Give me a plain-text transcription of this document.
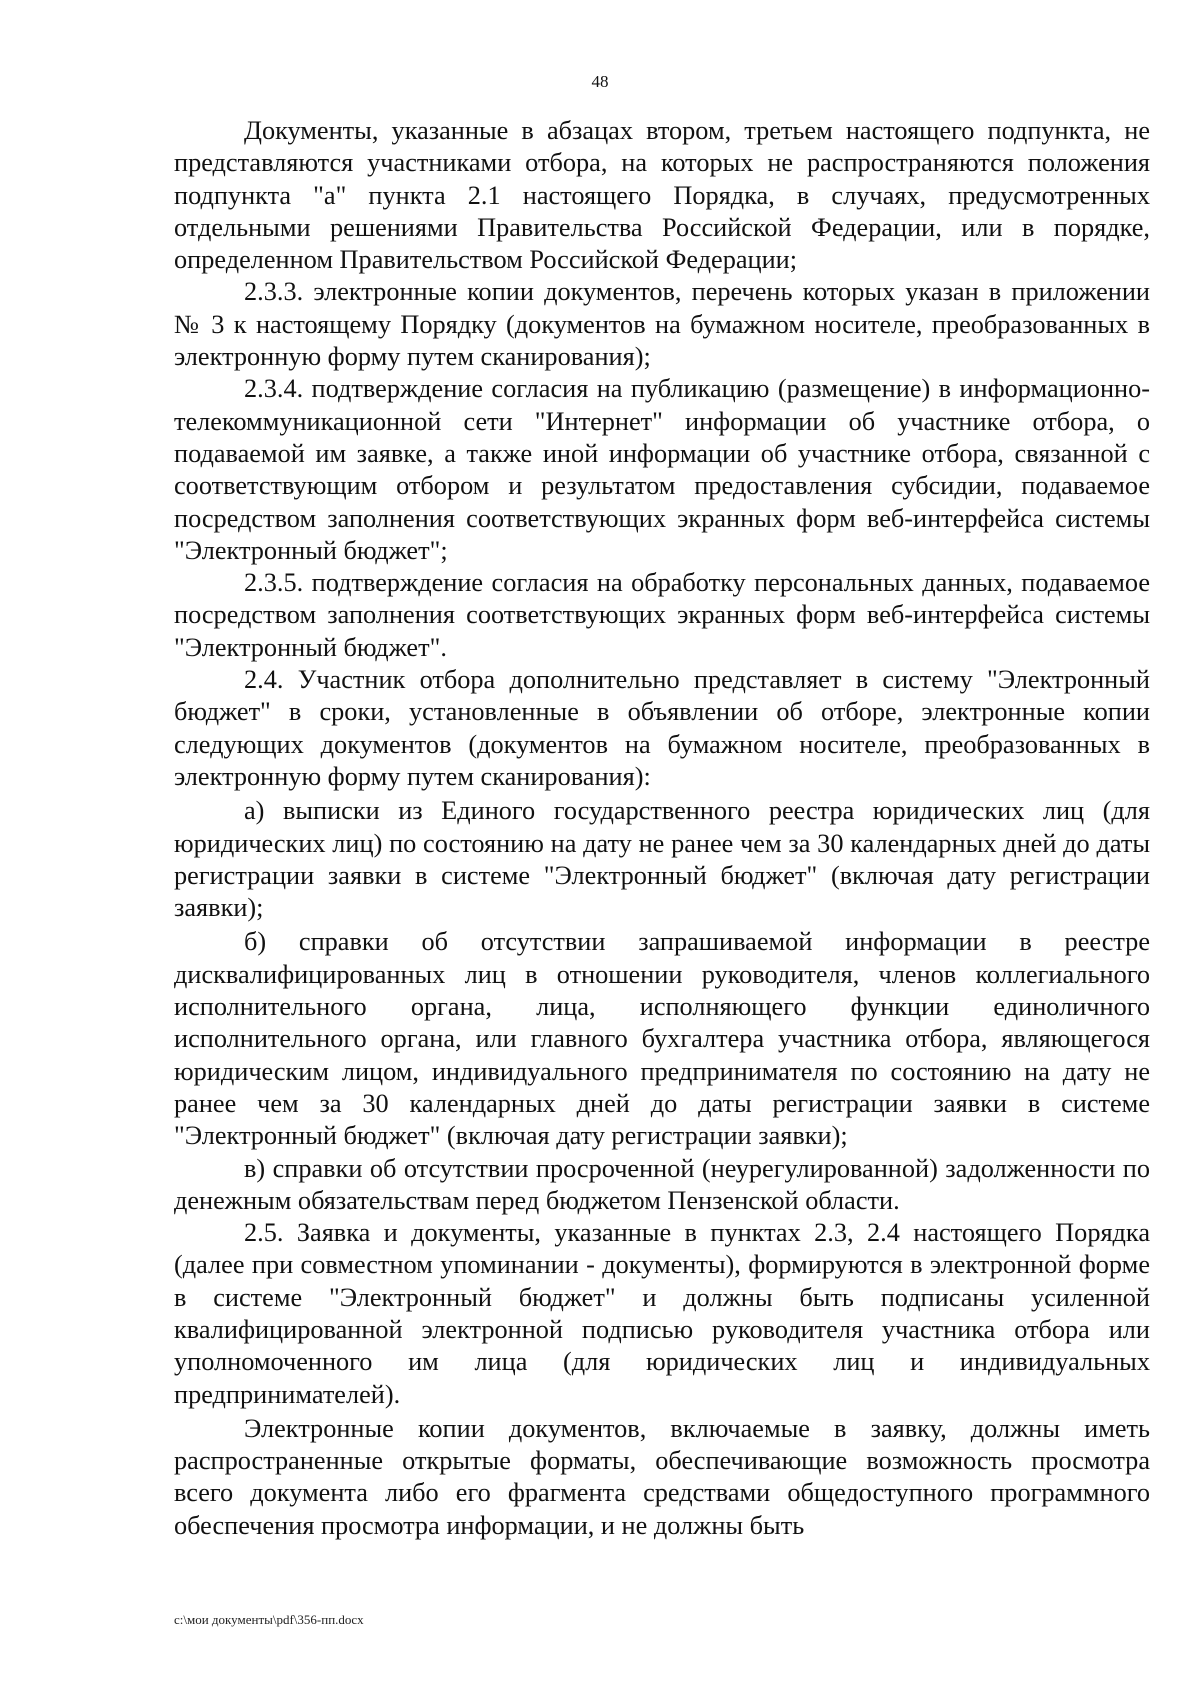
48

Документы, указанные в абзацах втором, третьем настоящего подпункта, не представляются участниками отбора, на которых не распространяются положения подпункта "а" пункта 2.1 настоящего Порядка, в случаях, предусмотренных отдельными решениями Правительства Российской Федерации, или в порядке, определенном Правительством Российской Федерации;

2.3.3. электронные копии документов, перечень которых указан в приложении № 3 к настоящему Порядку (документов на бумажном носителе, преобразованных в электронную форму путем сканирования);

2.3.4. подтверждение согласия на публикацию (размещение) в информационно-телекоммуникационной сети "Интернет" информации об участнике отбора, о подаваемой им заявке, а также иной информации об участнике отбора, связанной с соответствующим отбором и результатом предоставления субсидии, подаваемое посредством заполнения соответствующих экранных форм веб-интерфейса системы "Электронный бюджет";

2.3.5. подтверждение согласия на обработку персональных данных, подаваемое посредством заполнения соответствующих экранных форм веб-интерфейса системы "Электронный бюджет".

2.4. Участник отбора дополнительно представляет в систему "Электронный бюджет" в сроки, установленные в объявлении об отборе, электронные копии следующих документов (документов на бумажном носителе, преобразованных в электронную форму путем сканирования):

а) выписки из Единого государственного реестра юридических лиц (для юридических лиц) по состоянию на дату не ранее чем за 30 календарных дней до даты регистрации заявки в системе "Электронный бюджет" (включая дату регистрации заявки);

б) справки об отсутствии запрашиваемой информации в реестре дисквалифицированных лиц в отношении руководителя, членов коллегиального исполнительного органа, лица, исполняющего функции единоличного исполнительного органа, или главного бухгалтера участника отбора, являющегося юридическим лицом, индивидуального предпринимателя по состоянию на дату не ранее чем за 30 календарных дней до даты регистрации заявки в системе "Электронный бюджет" (включая дату регистрации заявки);

в) справки об отсутствии просроченной (неурегулированной) задолженности по денежным обязательствам перед бюджетом Пензенской области.

2.5. Заявка и документы, указанные в пунктах 2.3, 2.4 настоящего Порядка (далее при совместном упоминании - документы), формируются в электронной форме в системе "Электронный бюджет" и должны быть подписаны усиленной квалифицированной электронной подписью руководителя участника отбора или уполномоченного им лица (для юридических лиц и индивидуальных предпринимателей).

Электронные копии документов, включаемые в заявку, должны иметь распространенные открытые форматы, обеспечивающие возможность просмотра всего документа либо его фрагмента средствами общедоступного программного обеспечения просмотра информации, и не должны быть

c:\мои документы\pdf\356-пп.docx
